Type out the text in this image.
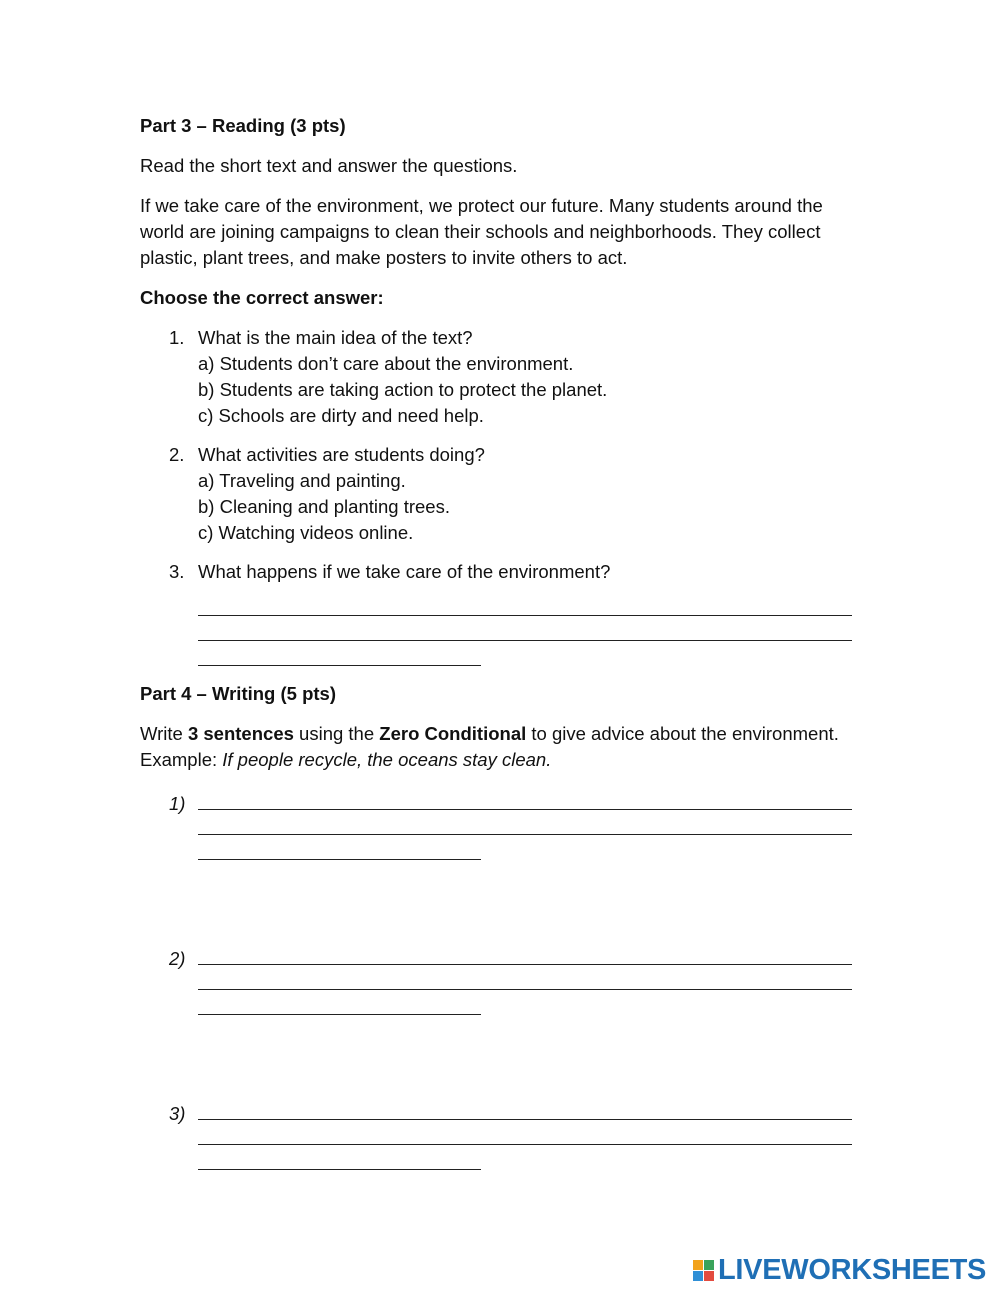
Part 3 – Reading (3 pts)

Read the short text and answer the questions.

If we take care of the environment, we protect our future. Many students around the world are joining campaigns to clean their schools and neighborhoods. They collect plastic, plant trees, and make posters to invite others to act.

Choose the correct answer:

1. What is the main idea of the text?
a) Students don’t care about the environment.
b) Students are taking action to protect the planet.
c) Schools are dirty and need help.
2. What activities are students doing?
a) Traveling and painting.
b) Cleaning and planting trees.
c) Watching videos online.
3. What happens if we take care of the environment?

Part 4 – Writing (5 pts)

Write 3 sentences using the Zero Conditional to give advice about the environment.

Example: If people recycle, the oceans stay clean.

1)
2)
3)
LIVEWORKSHEETS
